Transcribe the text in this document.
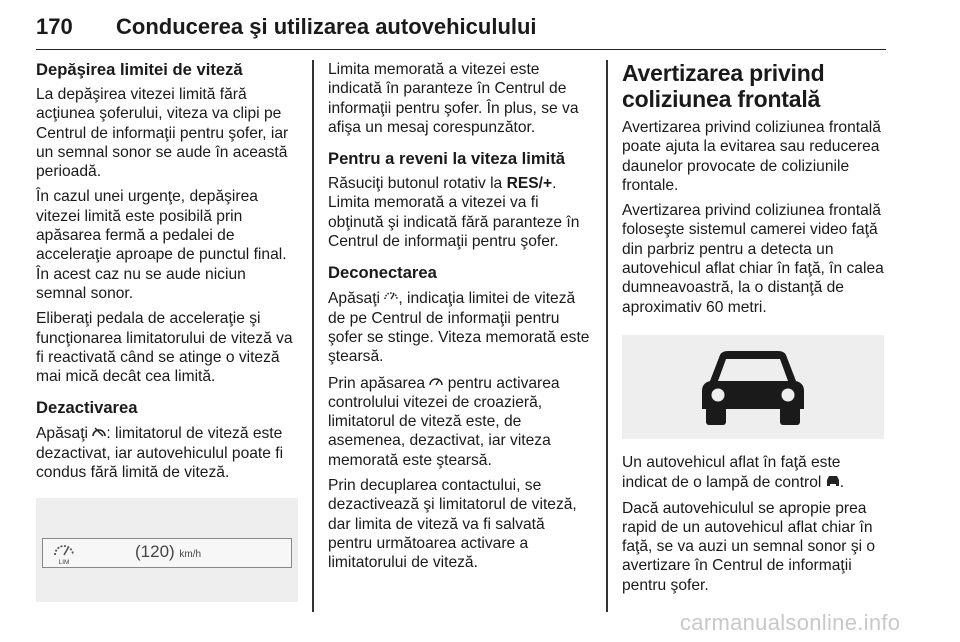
170 Conducerea şi utilizarea autovehiculului
Depăşirea limitei de viteză

La depăşirea vitezei limită fără acţiunea şoferului, viteza va clipi pe Centrul de informaţii pentru şofer, iar un semnal sonor se aude în această perioadă.

În cazul unei urgenţe, depăşirea vitezei limită este posibilă prin apăsarea fermă a pedalei de acceleraţie aproape de punctul final. În acest caz nu se aude niciun semnal sonor.

Eliberaţi pedala de acceleraţie şi funcţionarea limitatorului de viteză va fi reactivată când se atinge o viteză mai mică decât cea limită.

Dezactivarea

Apăsaţi : limitatorul de viteză este dezactivat, iar autovehiculul poate fi condus fără limită de viteză.

LIM
(120) km/h

Limita memorată a vitezei este indicată în paranteze în Centrul de informaţii pentru şofer. În plus, se va afişa un mesaj corespunzător.

Pentru a reveni la viteza limită

Răsuciţi butonul rotativ la RES/+. Limita memorată a vitezei va fi obţinută şi indicată fără paranteze în Centrul de informaţii pentru şofer.

Deconectarea

Apăsaţi , indicaţia limitei de viteză de pe Centrul de informaţii pentru şofer se stinge. Viteza memorată este ştearsă.

Prin apăsarea  pentru activarea controlului vitezei de croazieră, limitatorul de viteză este, de asemenea, dezactivat, iar viteza memorată este ştearsă.

Prin decuplarea contactului, se dezactivează şi limitatorul de viteză, dar limita de viteză va fi salvată pentru următoarea activare a limitatorului de viteză.

Avertizarea privind coliziunea frontală

Avertizarea privind coliziunea frontală poate ajuta la evitarea sau reducerea daunelor provocate de coliziunile frontale.

Avertizarea privind coliziunea frontală foloseşte sistemul camerei video faţă din parbriz pentru a detecta un autovehicul aflat chiar în faţă, în calea dumneavoastră, la o distanţă de aproximativ 60 metri.

Un autovehicul aflat în faţă este indicat de o lampă de control .

Dacă autovehiculul se apropie prea rapid de un autovehicul aflat chiar în faţă, se va auzi un semnal sonor şi o avertizare în Centrul de informaţii pentru şofer.

carmanualsonline.info
